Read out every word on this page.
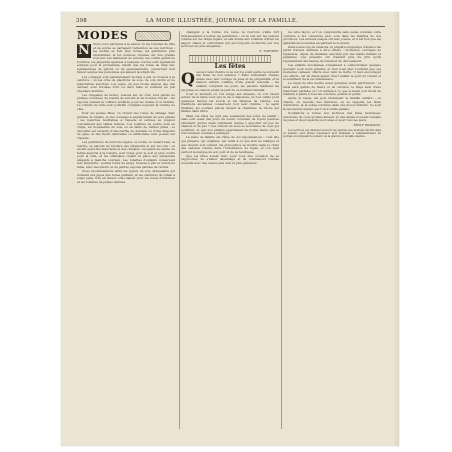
398	LA MODE ILLUSTRÉE, JOURNAL DE LA FAMILLE.
MODES
N	Nous voici parvenus à la saison où les toilettes de ville et de soirée se partagent l'attention de nos lectrices ; les étoffes se font plus riches, les garnitures plus abondantes, et les nuances choisies ont une grande douceur. Les manteaux de velours, les collets garnis de fourrure, les jaquettes ajustées à basques courtes sont également adoptés pour la promenade, tandis que les robes de drap uni, agrémentées de galons ou de passementerie, conservent leur faveur auprès des personnes qui aiment la simplicité.

Les corsages sont généralement montés à plis ou froncés à la ceinture ; on les orne de plastrons de soie, de cols droits et de manchettes assorties. Les jupes, un peu moins amples que l'an dernier, sont bordées d'un ou deux biais et tombent en plis réguliers derrière.

Les chapeaux de feutre, relevés sur un côté, sont garnis de plumes couchées, de nœuds de velours et de boucles d'acier ; les capotes restent la coiffure préférée pour les visites et le théâtre. La voilette de tulle noir pointillé complète toujours la toilette de ville.

Pour les jeunes filles, on choisit des robes de lainage clair, garnies de rubans, et des corsages à empiècement de soie plissée ; les manches bouffantes à l'épaule et serrées au poignet conviennent aux tailles minces. Les toilettes de soirée sont en crêpe, en mousseline de soie ou en faille de teintes pâles ; le décolleté est encadré d'une berthe de dentelle ou d'une draperie de gaze, et des fleurs naturelles ou artificielles sont posées sur l'épaule.

Les garnitures de fourrure légère, la loutre, le renard bleu, la martre, se placent en bordure des vêtements et sur les cols ; on en fait aussi des manchons et des cravates. Les gants de suède, de teinte assortie à la toilette, sont longs pour le soir et plus courts pour la ville, et les ombrelles cèdent la place aux parapluies élégants à manche ouvragé. Les toilettes d'enfants conservent leur simplicité : petites robes de serge, blouses à plis et collets de laine, avec des bérets ou de petites capotes garnies de ruches.

Nous recommandons enfin les jupons de soie changeante qui donnent aux jupes une tenue parfaite, et les ceintures de ruban à longs pans, très en faveur cette saison pour les robes d'intérieur et les toilettes de jeunes femmes.

changent à la forme. Du reste, la fourrure s'allie fort heureusement à toutes les garnitures ; on la voit sur les velours comme sur les draps légers, et elle donne aux toilettes d'hiver un aspect chaud et confortable qui est toujours recherché par nos lectrices les plus élégantes.

E. TORCHET.
Les fêtes
Q uel est celui d'entre nous qui n'a point gardé le souvenir des fêtes de son enfance ? Elles reviennent chaque année avec leur cortège de joies et de préparatifs, et la maison entière s'anime d'une gaieté nouvelle ; les enfants comptent les jours, les parents méditent les surprises et chacun prend sa part de ce bonheur familial.

C'est le moment où l'on songe aux absents, où l'on réunit autour de la table ceux que la vie a dispersés, où l'on oublie pour quelques heures les soucis et les fatigues de l'année. Les traditions anciennes conservent tout leur charme : le sapin illuminé, les souliers placés devant la cheminée, la bûche qui flambe dans l'âtre.

Mais ces fêtes ne sont pas seulement des jours de plaisir ; elles sont aussi des jours de bonté. Combien de foyers pauvres attendent qu'une main charitable vienne y apporter un peu de chaleur et de joie ! Que chacun de nous se souvienne de ceux qui souffrent, et que nos enfants apprennent de bonne heure que le vrai bonheur consiste à partager.

La mère de famille est l'âme de ces réjouissances ; c'est elle qui prépare, qui organise, qui veille à ce que rien ne manque et que chacun soit content. Sa prévoyance se montre dans le choix des cadeaux comme dans l'ordonnance du repas, et l'on sent partout la marque de son goût et de sa tendresse.

Que les fêtes soient donc pour tous une occasion de se rapprocher, de s'aimer davantage et de commencer l'année nouvelle avec des cœurs plus unis et plus généreux.

de cette façon, et l'on comprendra sans peine combien cette coutume a été conservée avec soin dans les familles de nos provinces. Les anciens usages ont leur poésie, et il est bon que les générations nouvelles en gardent le souvenir.

Dans beaucoup de maisons on prépare longtemps d'avance les petits travaux destinés à être offerts : broderies, ouvrages de tapisserie, objets de fantaisie exécutés par des mains habiles et patientes. Ces présents ont d'autant plus de prix qu'ils représentent des heures de travail et de dévouement.

Les enfants eux-mêmes s'ingénient à confectionner quelque souvenir pour leurs parents, et rien n'est plus touchant que ces modestes cadeaux offerts avec tant de fierté. Il faut encourager ces efforts, car ils développent chez l'enfant le goût du travail et le sentiment de la reconnaissance.

Le repas de fête mérite aussi quelques soins particuliers : la table sera garnie de fleurs et de verdure, le linge sera d'une blancheur parfaite, et l'on veillera à ce que le menu soit choisi de manière à plaire à tous les convives, grands et petits.

Après le repas, les jeux réunissent la famille entière ; on chante, on raconte des histoires, on se rappelle les fêtes d'autrefois, et la soirée s'achève dans une douce intimité. Ce sont là des heures bénies que l'on n'oublie jamais.

Souhaitons à toutes nos lectrices des fêtes heureuses, entourées de ceux qu'elles aiment, et une année nouvelle remplie de joies et de prospérité pour elles et pour tous les leurs.

ÉMILE ROMAINE.

Les lectrices qui désirent recevoir les patrons des modèles décrits dans ce numéro sont priées d'adresser leur demande à l'administration du journal, en indiquant le numéro de la gravure et la taille désirée.
